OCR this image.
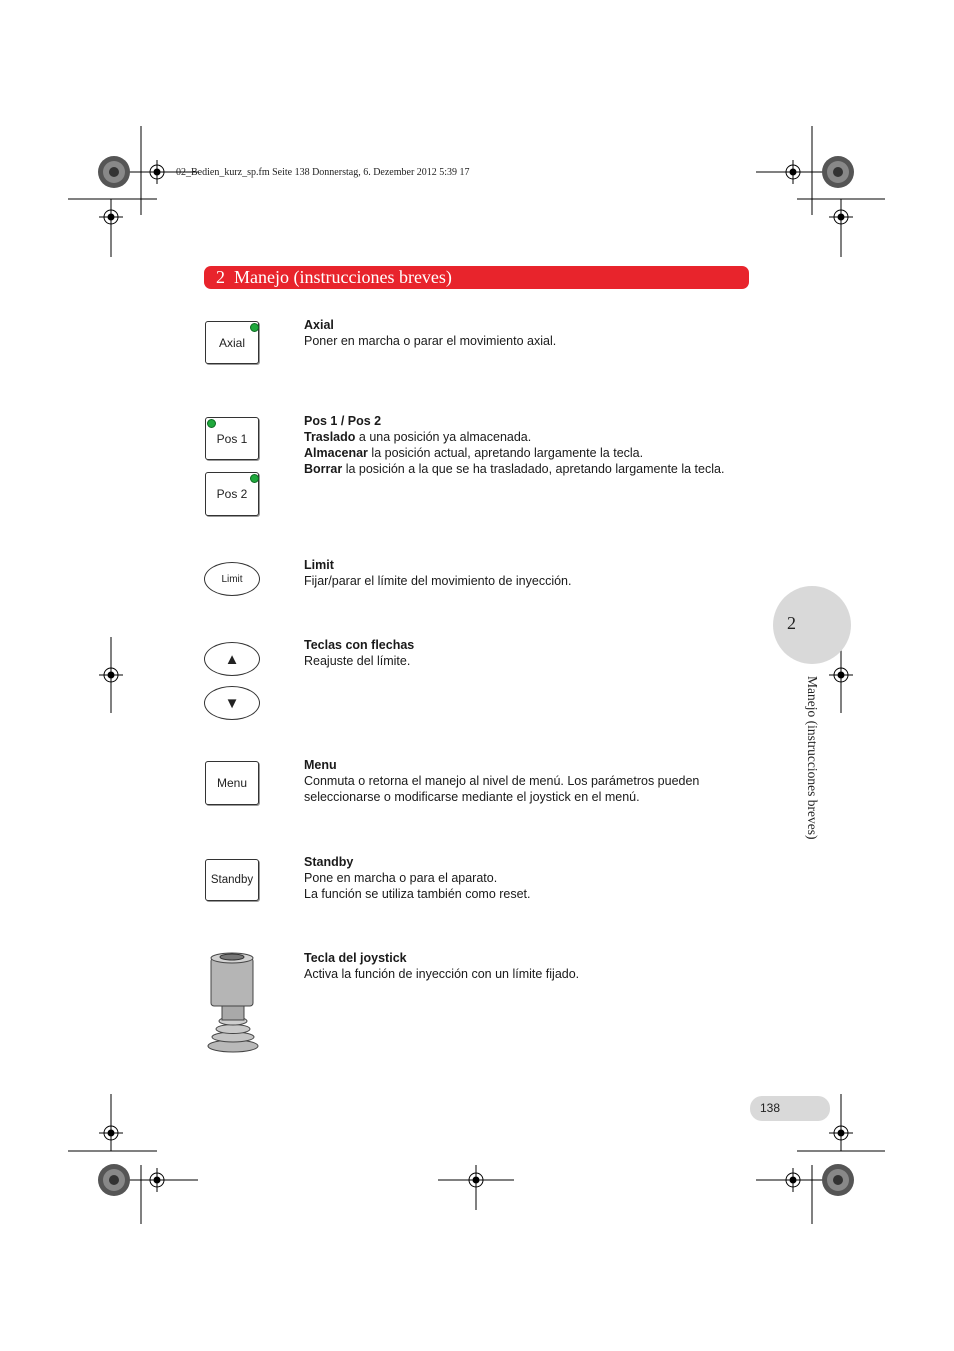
02_Bedien_kurz_sp.fm Seite 138 Donnerstag, 6. Dezember 2012 5:39 17
2 Manejo (instrucciones breves)
Axial

Axial

Poner en marcha o parar el movimiento axial.

Pos 1
Pos 2

Pos 1 / Pos 2

Traslado a una posición ya almacenada.

Almacenar la posición actual, apretando largamente la tecla.

Borrar la posición a la que se ha trasladado, apretando largamente la tecla.

Limit

Limit

Fijar/parar el límite del movimiento de inyección.

▲
▼

Teclas con flechas

Reajuste del límite.

Menu

Menu

Conmuta o retorna el manejo al nivel de menú. Los parámetros pueden

seleccionarse o modificarse mediante el joystick en el menú.

Standby

Standby

Pone en marcha o para el aparato.

La función se utiliza también como reset.

Tecla del joystick

Activa la función de inyección con un límite fijado.

2
Manejo (instrucciones breves)
138
